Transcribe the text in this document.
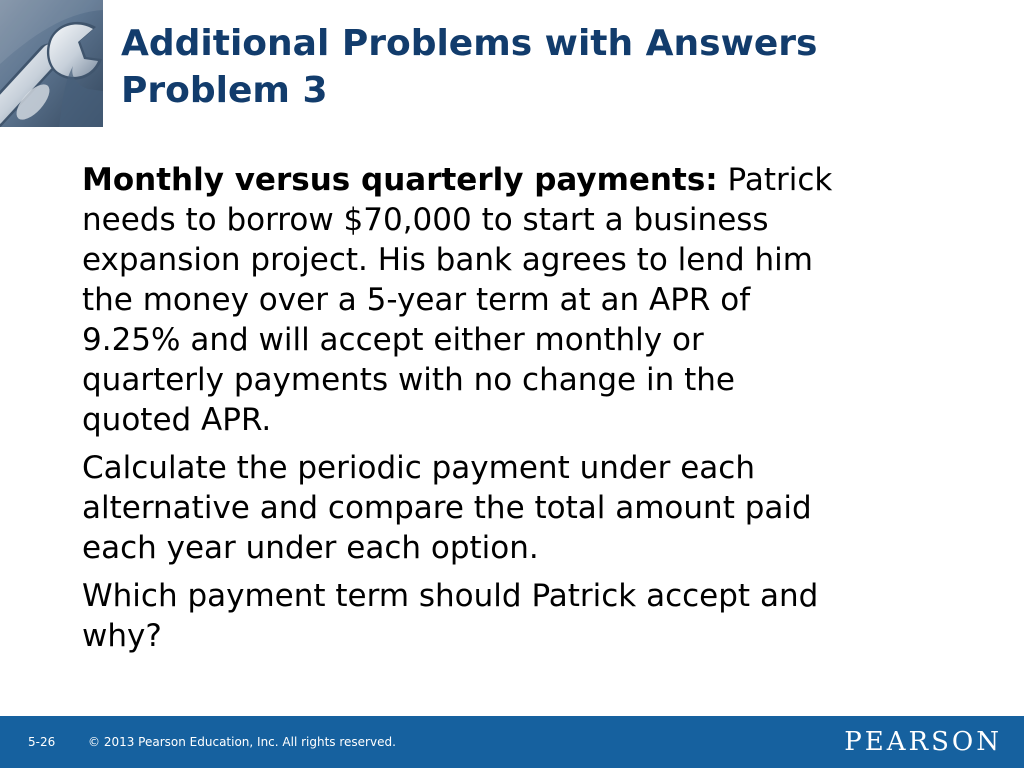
Additional Problems with Answers
Problem 3

Monthly versus quarterly payments: Patrick
needs to borrow $70,000 to start a business
expansion project. His bank agrees to lend him
the money over a 5-year term at an APR of
9.25% and will accept either monthly or
quarterly payments with no change in the
quoted APR.

Calculate the periodic payment under each
alternative and compare the total amount paid
each year under each option.

Which payment term should Patrick accept and
why?

5-26	© 2013 Pearson Education, Inc. All rights reserved.	PEARSON
